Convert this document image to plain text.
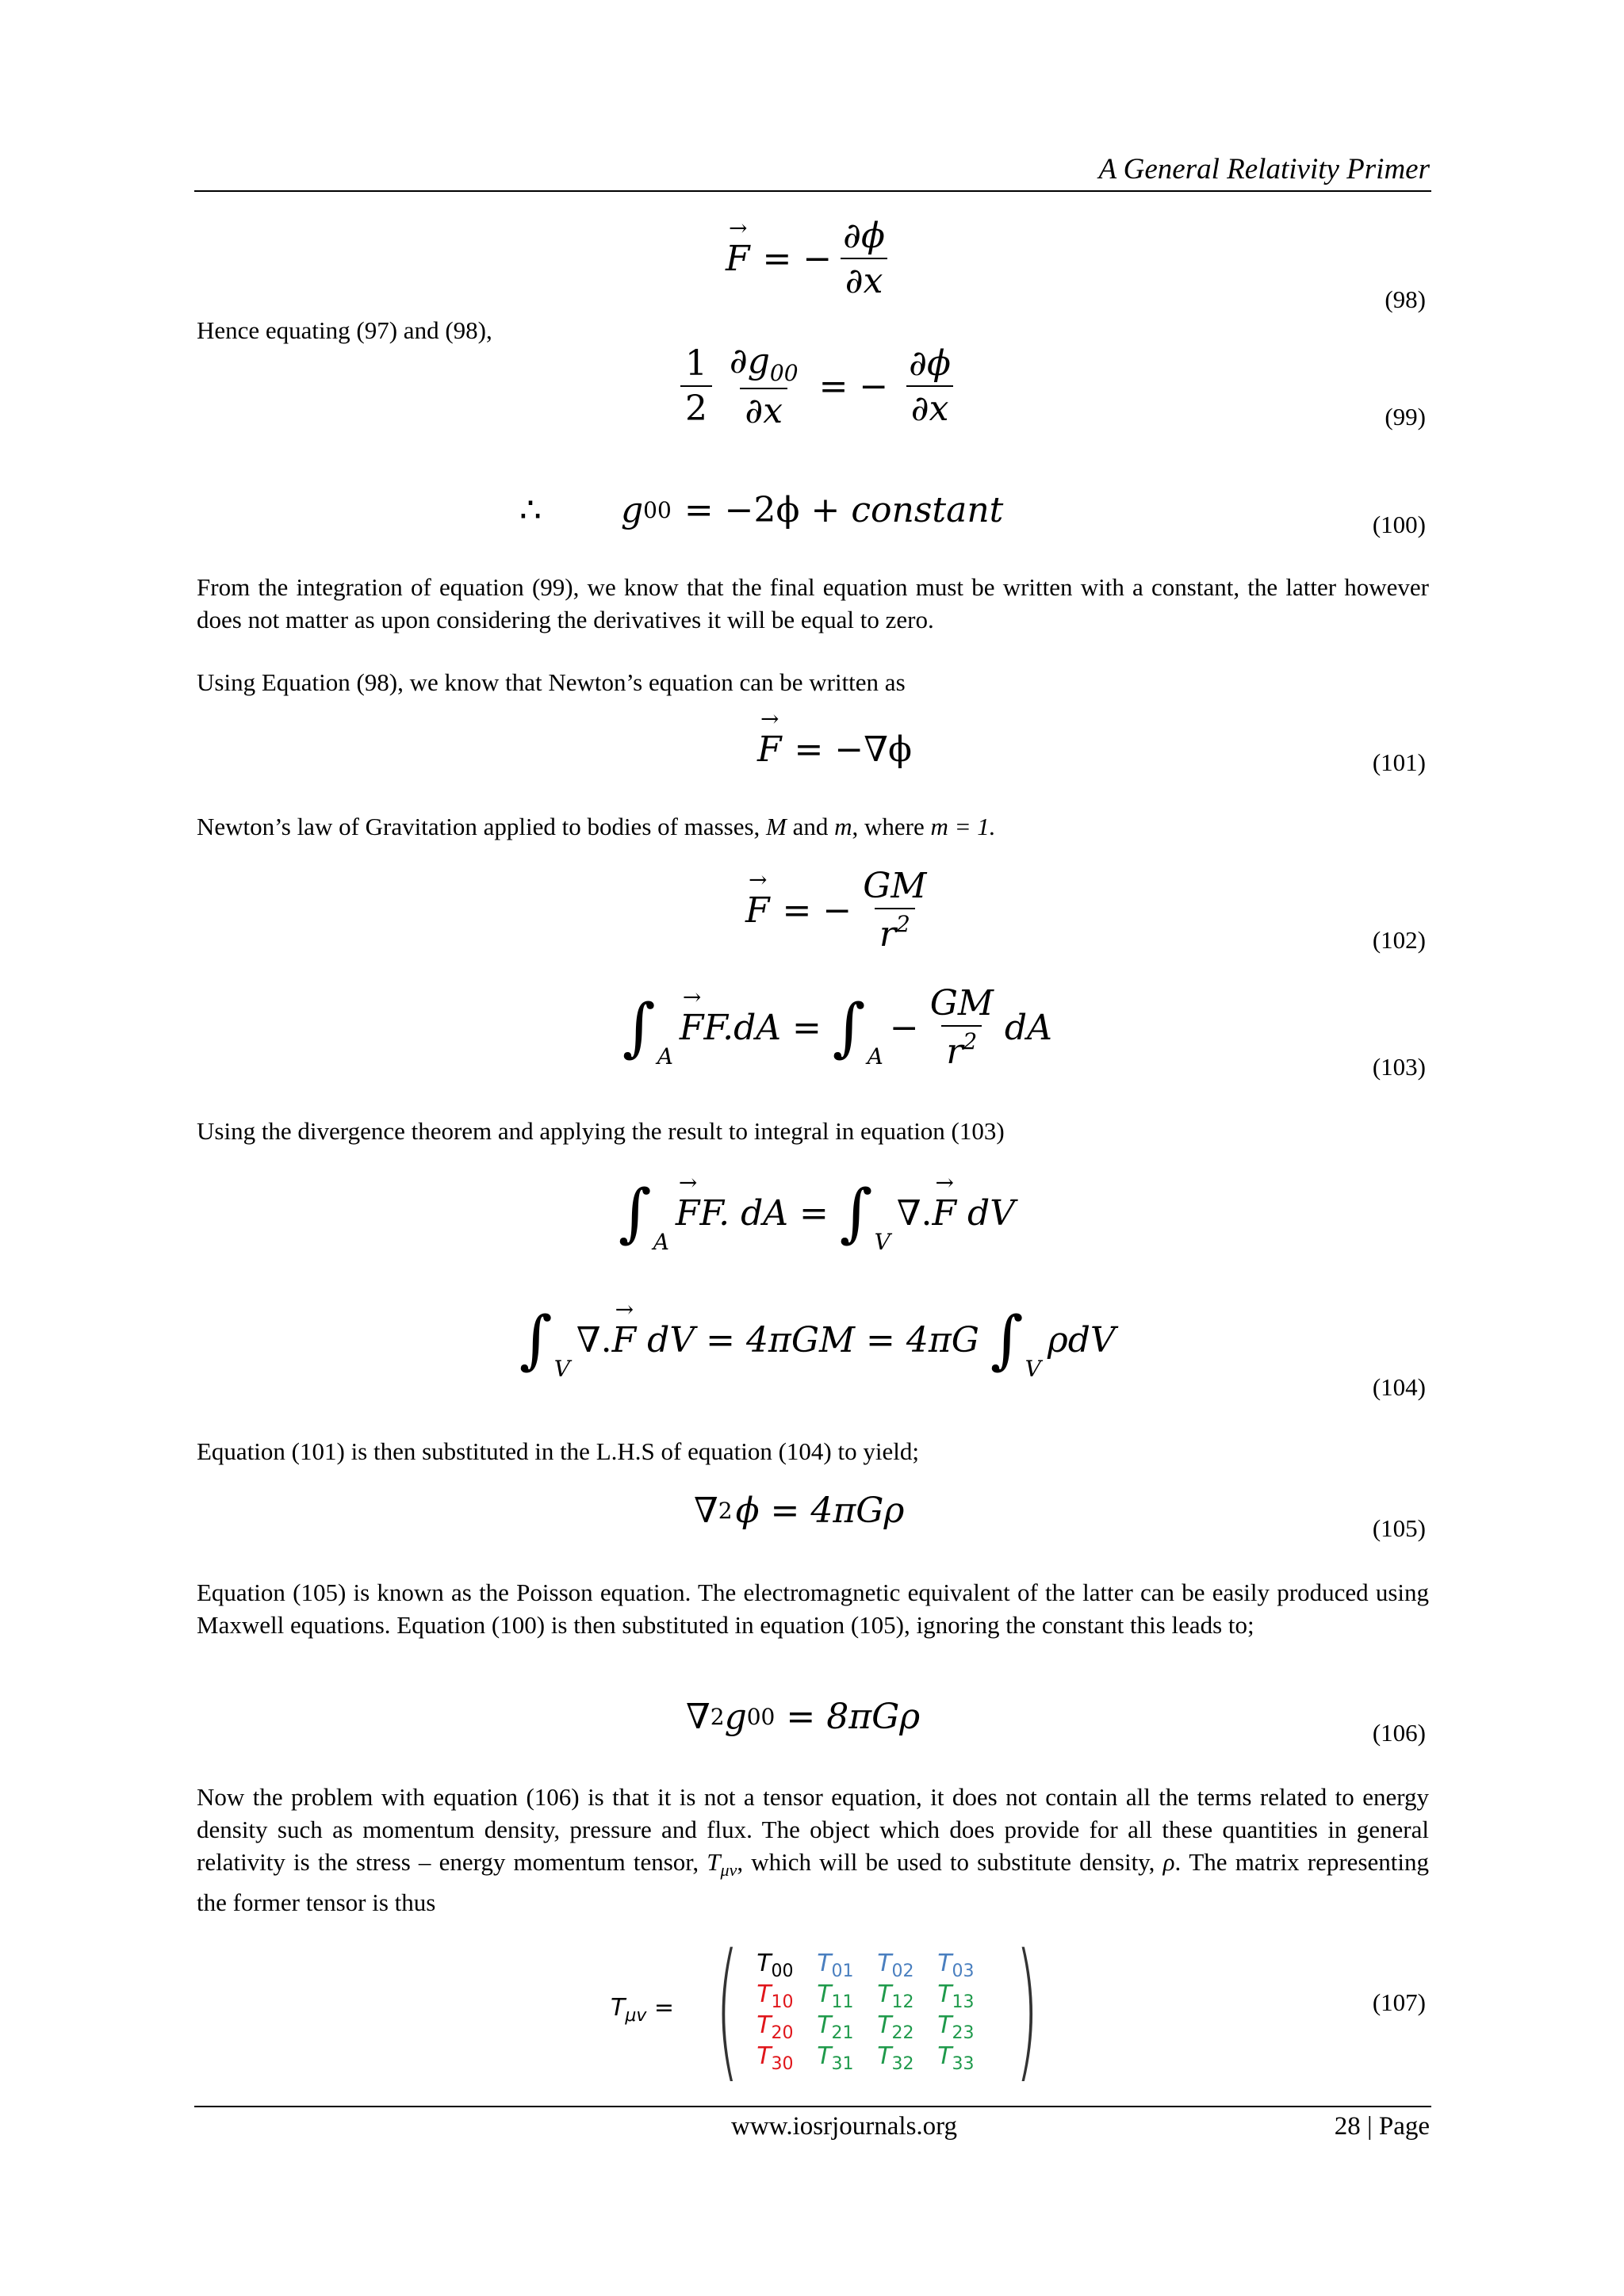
A General Relativity Primer
→ F = − $\frac{\partial\phi}{\partial x}$	(98)

Hence equating (97) and (98),

$\frac{1}{2} \frac{\partial g_{00}}{\partial x}$ = − $\frac{\partial\phi}{\partial x}$	(99)
∴ g 00 = −2ϕ + constant	(100)

From the integration of equation (99), we know that the final equation must be written with a constant, the latter however does not matter as upon considering the derivatives it will be equal to zero.

Using Equation (98), we know that Newton’s equation can be written as

→ F = −∇ϕ	(101)

Newton’s law of Gravitation applied to bodies of masses, M and m, where m = 1.

→ F = − $\frac{GM}{r^2}$	(102)
∫ A
→ F F.dA = ∫ A
− $\frac{GM}{r^2}$ dA
(103)

Using the divergence theorem and applying the result to integral in equation (103)

∫ A
→ F F. dA = ∫ V
∇. → F dV
∫ V
∇. → F dV = 4πGM = 4πG ∫ V
ρdV
(104)

Equation (101) is then substituted in the L.H.S of equation (104) to yield;

∇ 2 ϕ = 4πGρ	(105)

Equation (105) is known as the Poisson equation. The electromagnetic equivalent of the latter can be easily produced using Maxwell equations. Equation (100) is then substituted in equation (105), ignoring the constant this leads to;

∇ 2 g 00 = 8πGρ	(106)

Now the problem with equation (106) is that it is not a tensor equation, it does not contain all the terms related to energy density such as momentum density, pressure and flux. The object which does provide for all these quantities in general relativity is the stress – energy momentum tensor, $T_{\mu v}$, which will be used to substitute density, ρ. The matrix representing the former tensor is thus

$T_{\mu v}$ = ( $T_{00}$ $T_{01}$ $T_{02}$ $T_{03}$
$T_{10}$ $T_{11}$ $T_{12}$ $T_{13}$
$T_{20}$ $T_{21}$ $T_{22}$ $T_{23}$
$T_{30}$ $T_{31}$ $T_{32}$ $T_{33}$ )	(107)
www.iosrjournals.org	28 | Page
